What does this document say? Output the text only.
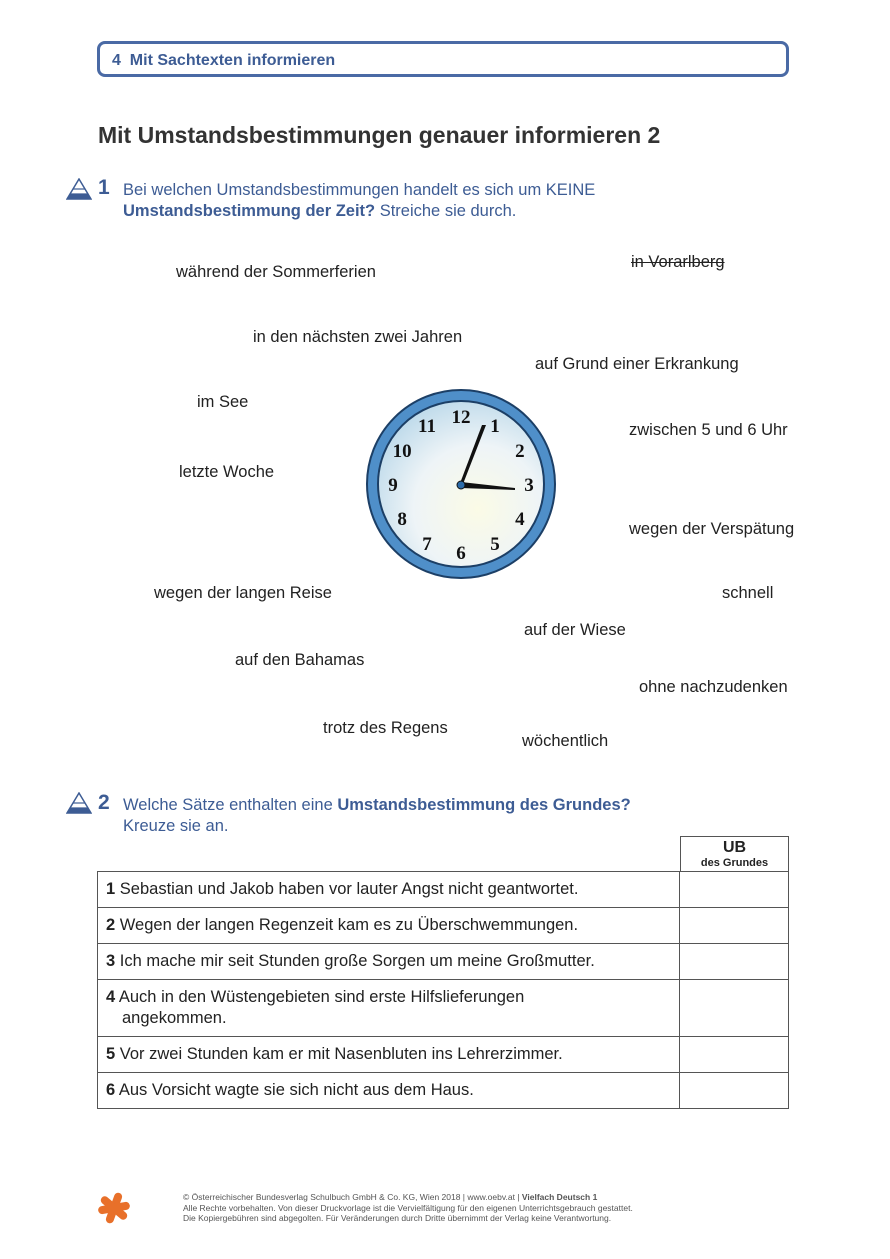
4 Mit Sachtexten informieren
Mit Umstandsbestimmungen genauer informieren 2
1 Bei welchen Umstandsbestimmungen handelt es sich um KEINE
Umstandsbestimmung der Zeit? Streiche sie durch.
während der Sommerferien
in Vorarlberg
in den nächsten zwei Jahren
auf Grund einer Erkrankung
im See
zwischen 5 und 6 Uhr
letzte Woche
wegen der Verspätung
wegen der langen Reise	schnell
auf der Wiese
auf den Bahamas
ohne nachzudenken
trotz des Regens
wöchentlich
12 1
2
3
4
5
6
7
8
9
10
11
2 Welche Sätze enthalten eine Umstandsbestimmung des Grundes?
Kreuze sie an.
UB
des Grundes
1 Sebastian und Jakob haben vor lauter Angst nicht geantwortet.	
2 Wegen der langen Regenzeit kam es zu Überschwemmungen.	
3 Ich mache mir seit Stunden große Sorgen um meine Großmutter.	
4 Auch in den Wüstengebieten sind erste Hilfslieferungen
angekommen.	
5 Vor zwei Stunden kam er mit Nasenbluten ins Lehrerzimmer.	
6 Aus Vorsicht wagte sie sich nicht aus dem Haus.	
© Österreichischer Bundesverlag Schulbuch GmbH & Co. KG, Wien 2018 | www.oebv.at | Vielfach Deutsch 1
Alle Rechte vorbehalten. Von dieser Druckvorlage ist die Vervielfältigung für den eigenen Unterrichtsgebrauch gestattet.
Die Kopiergebühren sind abgegolten. Für Veränderungen durch Dritte übernimmt der Verlag keine Verantwortung.
